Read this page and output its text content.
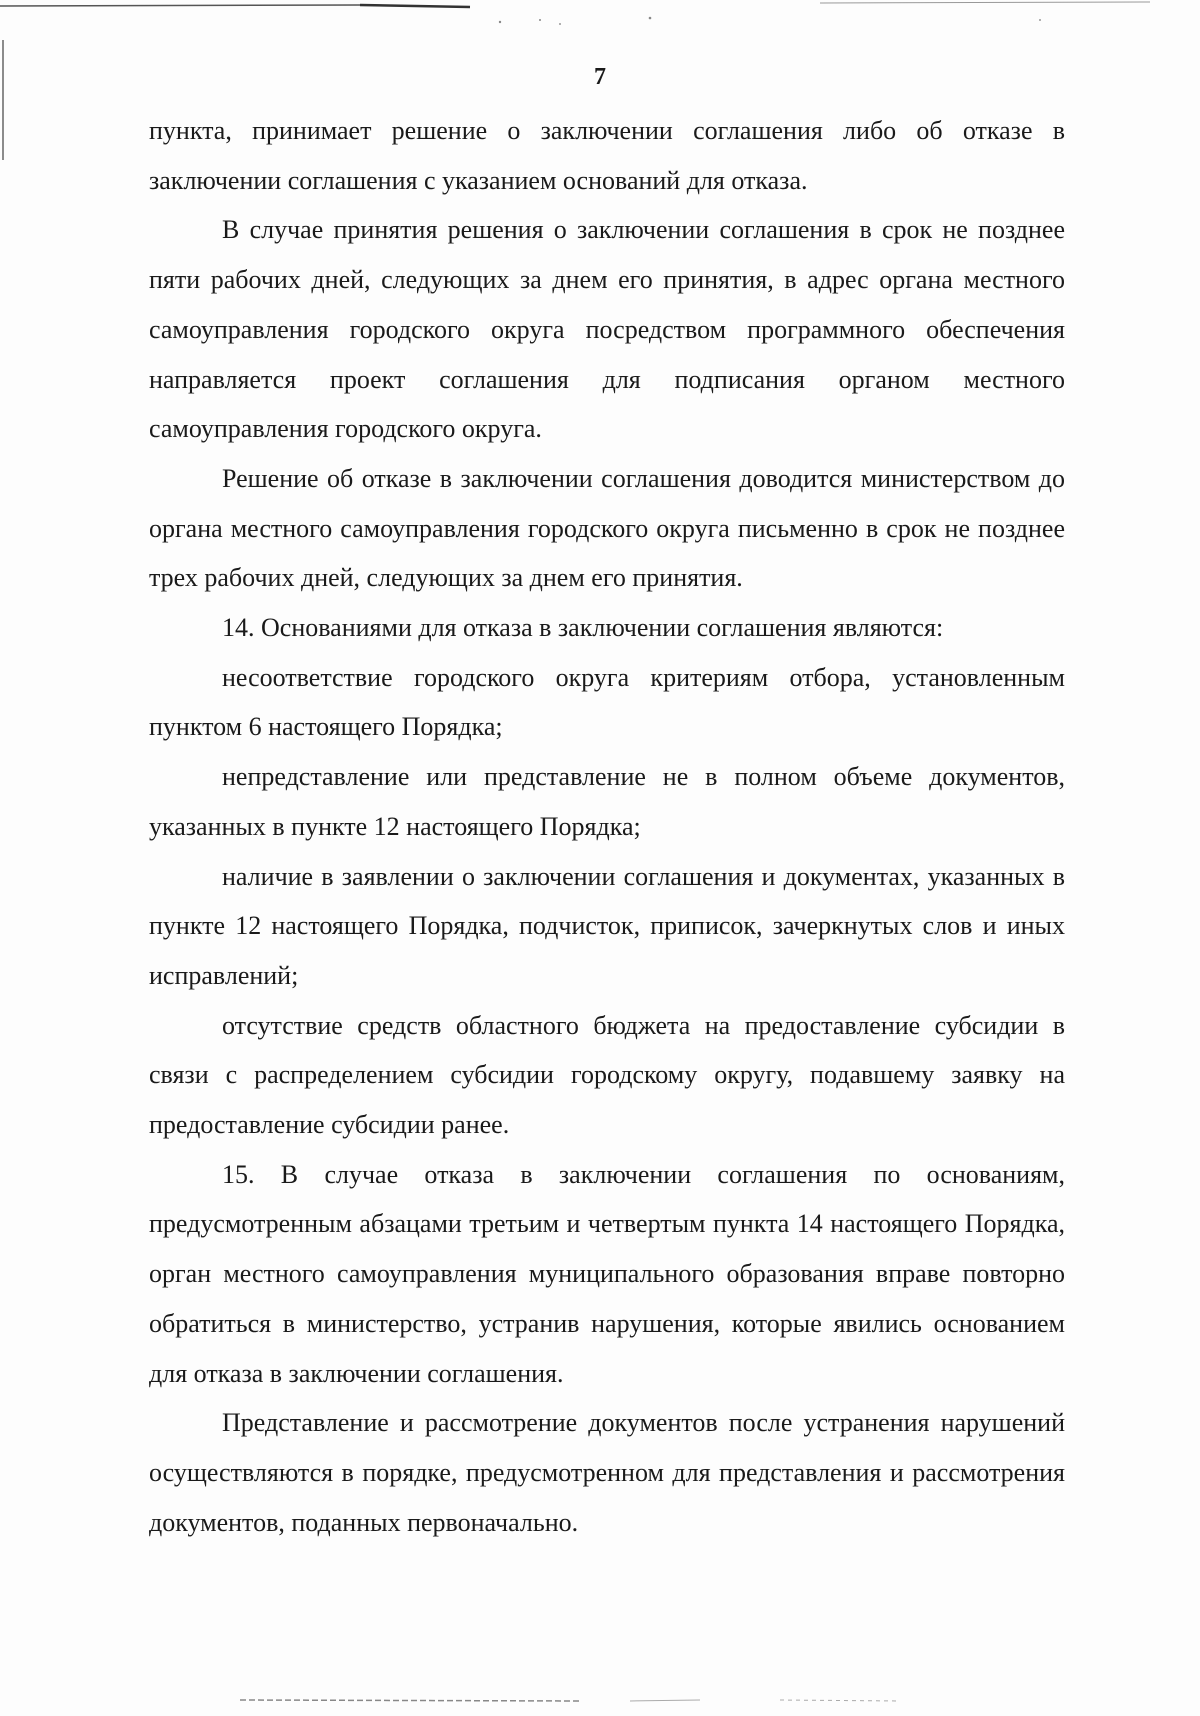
7

пункта, принимает решение о заключении соглашения либо об отказе в заключении соглашения с указанием оснований для отказа.

В случае принятия решения о заключении соглашения в срок не позднее пяти рабочих дней, следующих за днем его принятия, в адрес органа местного самоуправления городского округа посредством программного обеспечения направляется проект соглашения для подписания органом местного самоуправления городского округа.

Решение об отказе в заключении соглашения доводится министерством до органа местного самоуправления городского округа письменно в срок не позднее трех рабочих дней, следующих за днем его принятия.

14. Основаниями для отказа в заключении соглашения являются:

несоответствие городского округа критериям отбора, установленным пунктом 6 настоящего Порядка;

непредставление или представление не в полном объеме документов, указанных в пункте 12 настоящего Порядка;

наличие в заявлении о заключении соглашения и документах, указанных в пункте 12 настоящего Порядка, подчисток, приписок, зачеркнутых слов и иных исправлений;

отсутствие средств областного бюджета на предоставление субсидии в связи с распределением субсидии городскому округу, подавшему заявку на предоставление субсидии ранее.

15. В случае отказа в заключении соглашения по основаниям, предусмотренным абзацами третьим и четвертым пункта 14 настоящего Порядка, орган местного самоуправления муниципального образования вправе повторно обратиться в министерство, устранив нарушения, которые явились основанием для отказа в заключении соглашения.

Представление и рассмотрение документов после устранения нарушений осуществляются в порядке, предусмотренном для представления и рассмотрения документов, поданных первоначально.
